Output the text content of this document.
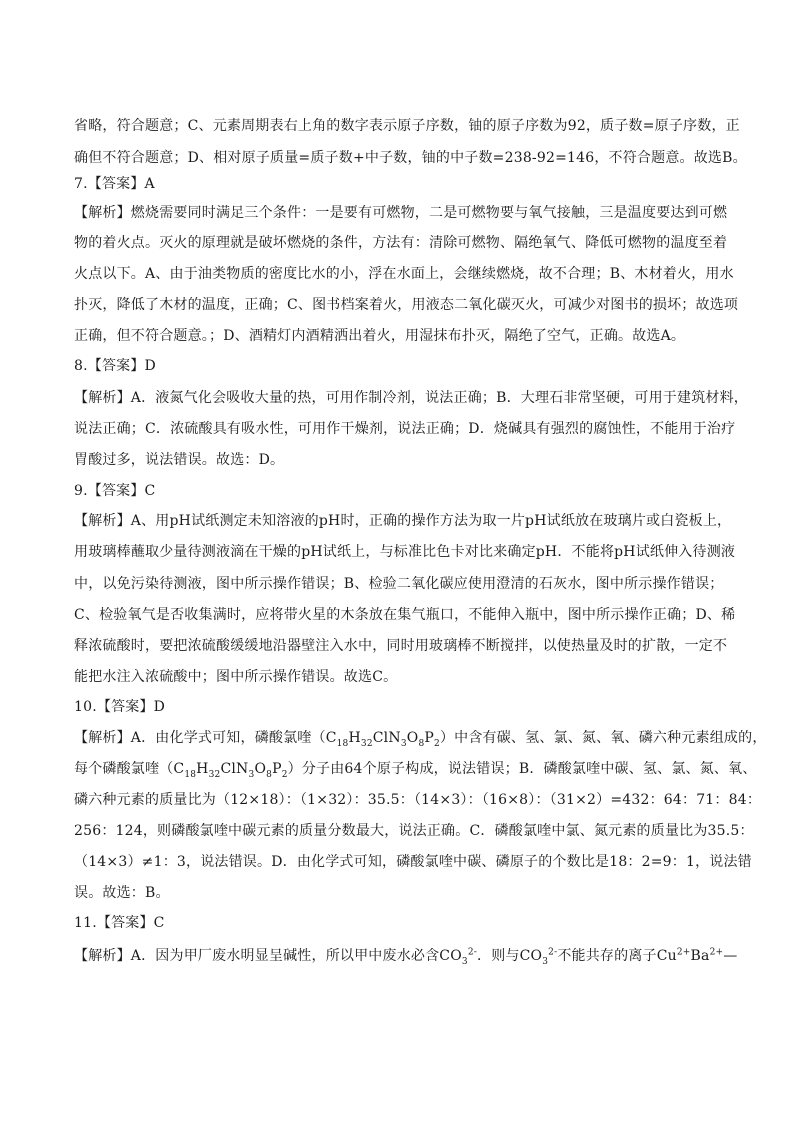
省略，符合题意；C、元素周期表右上角的数字表示原子序数，铀的原子序数为92，质子数=原子序数，正
确但不符合题意；D、相对原子质量=质子数+中子数，铀的中子数=238-92=146，不符合题意。故选B。
7.【答案】A
【解析】燃烧需要同时满足三个条件：一是要有可燃物，二是可燃物要与氧气接触，三是温度要达到可燃
物的着火点。灭火的原理就是破坏燃烧的条件，方法有：清除可燃物、隔绝氧气、降低可燃物的温度至着
火点以下。A、由于油类物质的密度比水的小，浮在水面上，会继续燃烧，故不合理；B、木材着火，用水
扑灭，降低了木材的温度，正确；C、图书档案着火，用液态二氧化碳灭火，可减少对图书的损坏；故选项
正确，但不符合题意。；D、酒精灯内酒精洒出着火，用湿抹布扑灭，隔绝了空气，正确。故选A。
8.【答案】D
【解析】A．液氮气化会吸收大量的热，可用作制冷剂，说法正确；B．大理石非常坚硬，可用于建筑材料，
说法正确；C．浓硫酸具有吸水性，可用作干燥剂，说法正确；D．烧碱具有强烈的腐蚀性，不能用于治疗
胃酸过多，说法错误。故选：D。
9.【答案】C
【解析】A、用pH试纸测定未知溶液的pH时，正确的操作方法为取一片pH试纸放在玻璃片或白瓷板上，
用玻璃棒蘸取少量待测液滴在干燥的pH试纸上，与标准比色卡对比来确定pH．不能将pH试纸伸入待测液
中，以免污染待测液，图中所示操作错误；B、检验二氧化碳应使用澄清的石灰水，图中所示操作错误；
C、检验氧气是否收集满时，应将带火星的木条放在集气瓶口，不能伸入瓶中，图中所示操作正确；D、稀
释浓硫酸时，要把浓硫酸缓缓地沿器壁注入水中，同时用玻璃棒不断搅拌，以使热量及时的扩散，一定不
能把水注入浓硫酸中；图中所示操作错误。故选C。
10.【答案】D
【解析】A．由化学式可知，磷酸氯喹$(C_{18}H_{32}ClN_3O_8P_2)$中含有碳、氢、氯、氮、氧、磷六种元素组成的，
每个磷酸氯喹$(C_{18}H_{32}ClN_3O_8P_2)$分子由64个原子构成，说法错误；B．磷酸氯喹中碳、氢、氯、氮、氧、
磷六种元素的质量比为（12×18）：（1×32）：35.5：（14×3）：（16×8）：（31×2）=432：64：71：84：
256：124，则磷酸氯喹中碳元素的质量分数最大，说法正确。C．磷酸氯喹中氯、氮元素的质量比为35.5：
（14×3）≠1：3，说法错误。D．由化学式可知，磷酸氯喹中碳、磷原子的个数比是18：2=9：1，说法错
误。故选：B。
11.【答案】C
【解析】A．因为甲厂废水明显呈碱性，所以甲中废水必含$CO_3^{2-}$．则与$CO_3^{2-}$不能共存的离子$Cu^{2+}Ba^{2+}—$
